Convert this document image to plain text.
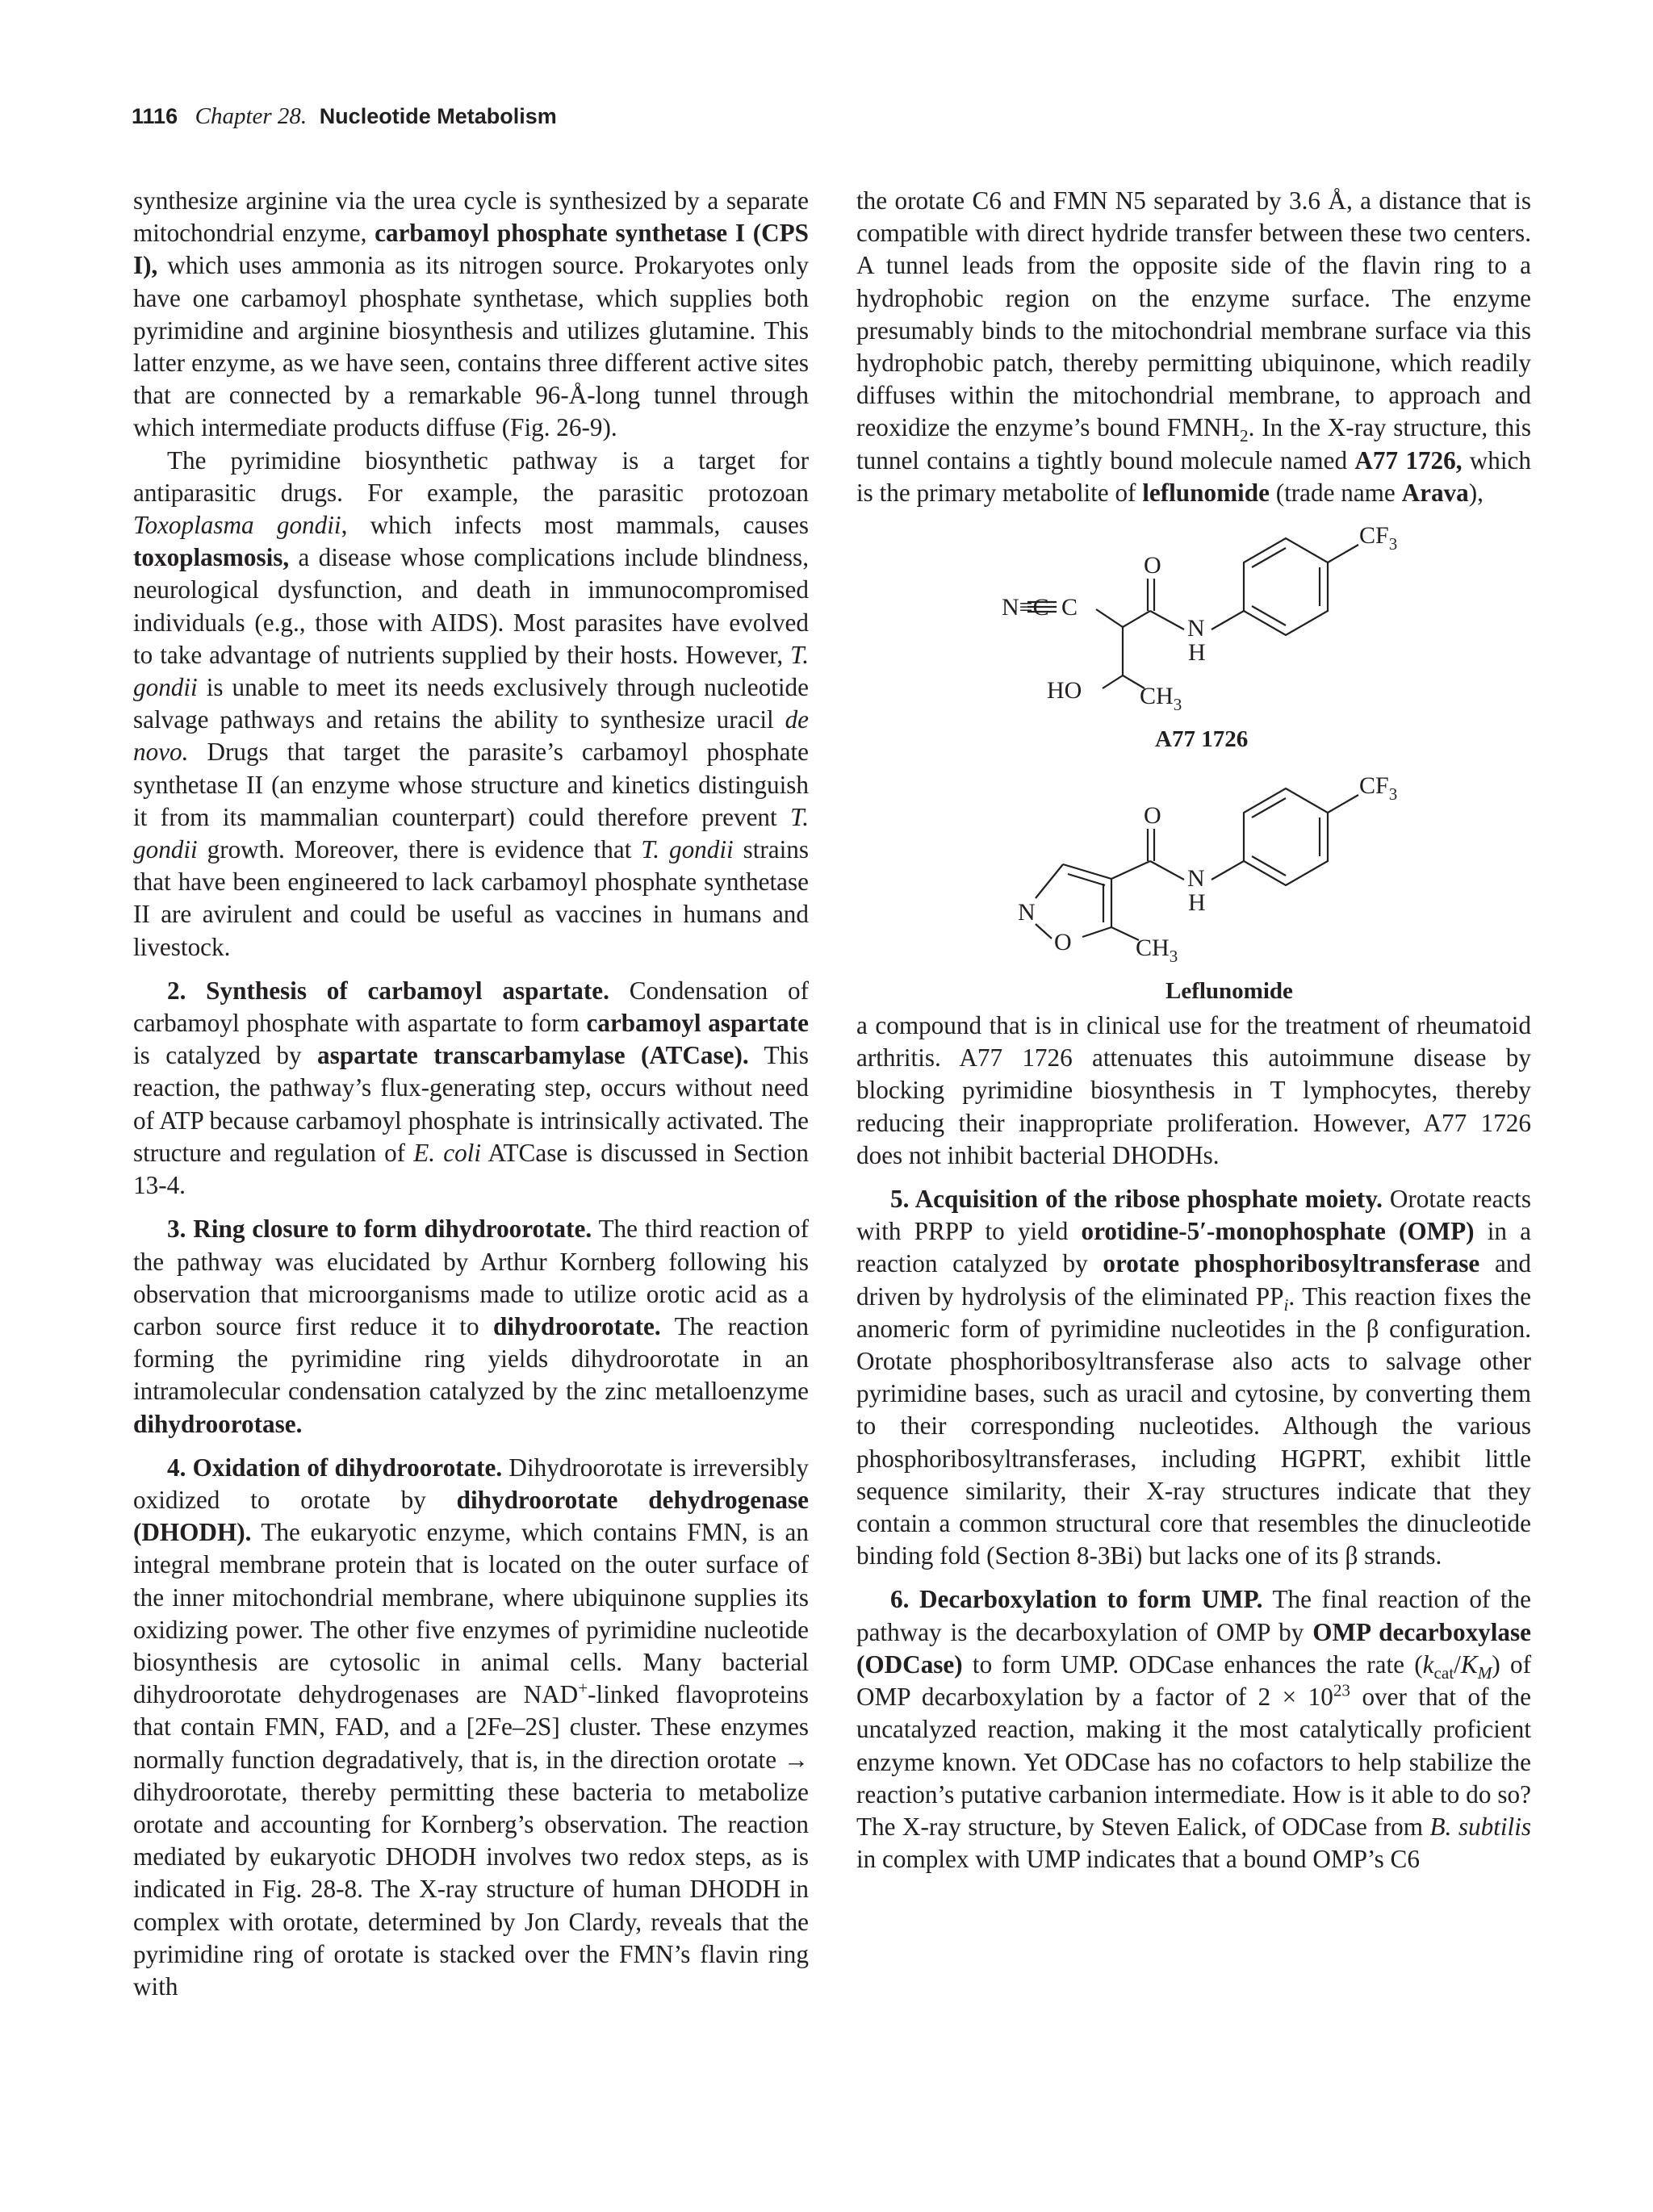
1116 Chapter 28. Nucleotide Metabolism

synthesize arginine via the urea cycle is synthesized by a separate mitochondrial enzyme, carbamoyl phosphate synthetase I (CPS I), which uses ammonia as its nitrogen source. Prokaryotes only have one carbamoyl phosphate synthetase, which supplies both pyrimidine and arginine biosynthesis and utilizes glutamine. This latter enzyme, as we have seen, contains three different active sites that are connected by a remarkable 96-Å-long tunnel through which intermediate products diffuse (Fig. 26-9).

The pyrimidine biosynthetic pathway is a target for antiparasitic drugs. For example, the parasitic protozoan Toxoplasma gondii, which infects most mammals, causes toxoplasmosis, a disease whose complications include blindness, neurological dysfunction, and death in immunocompromised individuals (e.g., those with AIDS). Most parasites have evolved to take advantage of nutrients supplied by their hosts. However, T. gondii is unable to meet its needs exclusively through nucleotide salvage pathways and retains the ability to synthesize uracil de novo. Drugs that target the parasite’s carbamoyl phosphate synthetase II (an enzyme whose structure and kinetics distinguish it from its mammalian counterpart) could therefore prevent T. gondii growth. Moreover, there is evidence that T. gondii strains that have been engineered to lack carbamoyl phosphate synthetase II are avirulent and could be useful as vaccines in humans and livestock.

2. Synthesis of carbamoyl aspartate. Condensation of carbamoyl phosphate with aspartate to form carbamoyl aspartate is catalyzed by aspartate transcarbamylase (ATCase). This reaction, the pathway’s flux-generating step, occurs without need of ATP because carbamoyl phosphate is intrinsically activated. The structure and regulation of E. coli ATCase is discussed in Section 13-4.

3. Ring closure to form dihydroorotate. The third reaction of the pathway was elucidated by Arthur Kornberg following his observation that microorganisms made to utilize orotic acid as a carbon source first reduce it to dihydroorotate. The reaction forming the pyrimidine ring yields dihydroorotate in an intramolecular condensation catalyzed by the zinc metalloenzyme dihydroorotase.

4. Oxidation of dihydroorotate. Dihydroorotate is irreversibly oxidized to orotate by dihydroorotate dehydrogenase (DHODH). The eukaryotic enzyme, which contains FMN, is an integral membrane protein that is located on the outer surface of the inner mitochondrial membrane, where ubiquinone supplies its oxidizing power. The other five enzymes of pyrimidine nucleotide biosynthesis are cytosolic in animal cells. Many bacterial dihydroorotate dehydrogenases are NAD+-linked flavoproteins that contain FMN, FAD, and a [2Fe–2S] cluster. These enzymes normally function degradatively, that is, in the direction orotate → dihydroorotate, thereby permitting these bacteria to metabolize orotate and accounting for Kornberg’s observation. The reaction mediated by eukaryotic DHODH involves two redox steps, as is indicated in Fig. 28-8. The X-ray structure of human DHODH in complex with orotate, determined by Jon Clardy, reveals that the pyrimidine ring of orotate is stacked over the FMN’s flavin ring with

the orotate C6 and FMN N5 separated by 3.6 Å, a distance that is compatible with direct hydride transfer between these two centers. A tunnel leads from the opposite side of the flavin ring to a hydrophobic region on the enzyme surface. The enzyme presumably binds to the mitochondrial membrane surface via this hydrophobic patch, thereby permitting ubiquinone, which readily diffuses within the mitochondrial membrane, to approach and reoxidize the enzyme’s bound $FMNH_2$. In the X-ray structure, this tunnel contains a tightly bound molecule named A77 1726, which is the primary metabolite of leflunomide (trade name Arava),

$CF_3$
O
N≡C C
N
H
HO $CH_3$
A77 1726
$CF_3$
O
N
H
N
O	$CH_3$
Leflunomide

a compound that is in clinical use for the treatment of rheumatoid arthritis. A77 1726 attenuates this autoimmune disease by blocking pyrimidine biosynthesis in T lymphocytes, thereby reducing their inappropriate proliferation. However, A77 1726 does not inhibit bacterial DHODHs.

5. Acquisition of the ribose phosphate moiety. Orotate reacts with PRPP to yield orotidine-5′-monophosphate (OMP) in a reaction catalyzed by orotate phosphoribosyltransferase and driven by hydrolysis of the eliminated $PP_i$. This reaction fixes the anomeric form of pyrimidine nucleotides in the β configuration. Orotate phosphoribosyltransferase also acts to salvage other pyrimidine bases, such as uracil and cytosine, by converting them to their corresponding nucleotides. Although the various phosphoribosyltransferases, including HGPRT, exhibit little sequence similarity, their X-ray structures indicate that they contain a common structural core that resembles the dinucleotide binding fold (Section 8-3Bi) but lacks one of its β strands.

6. Decarboxylation to form UMP. The final reaction of the pathway is the decarboxylation of OMP by OMP decarboxylase (ODCase) to form UMP. ODCase enhances the rate $(k_{cat}/K_M)$ of OMP decarboxylation by a factor of $2 \times 10^{23}$ over that of the uncatalyzed reaction, making it the most catalytically proficient enzyme known. Yet ODCase has no cofactors to help stabilize the reaction’s putative carbanion intermediate. How is it able to do so? The X-ray structure, by Steven Ealick, of ODCase from B. subtilis in complex with UMP indicates that a bound OMP’s C6
